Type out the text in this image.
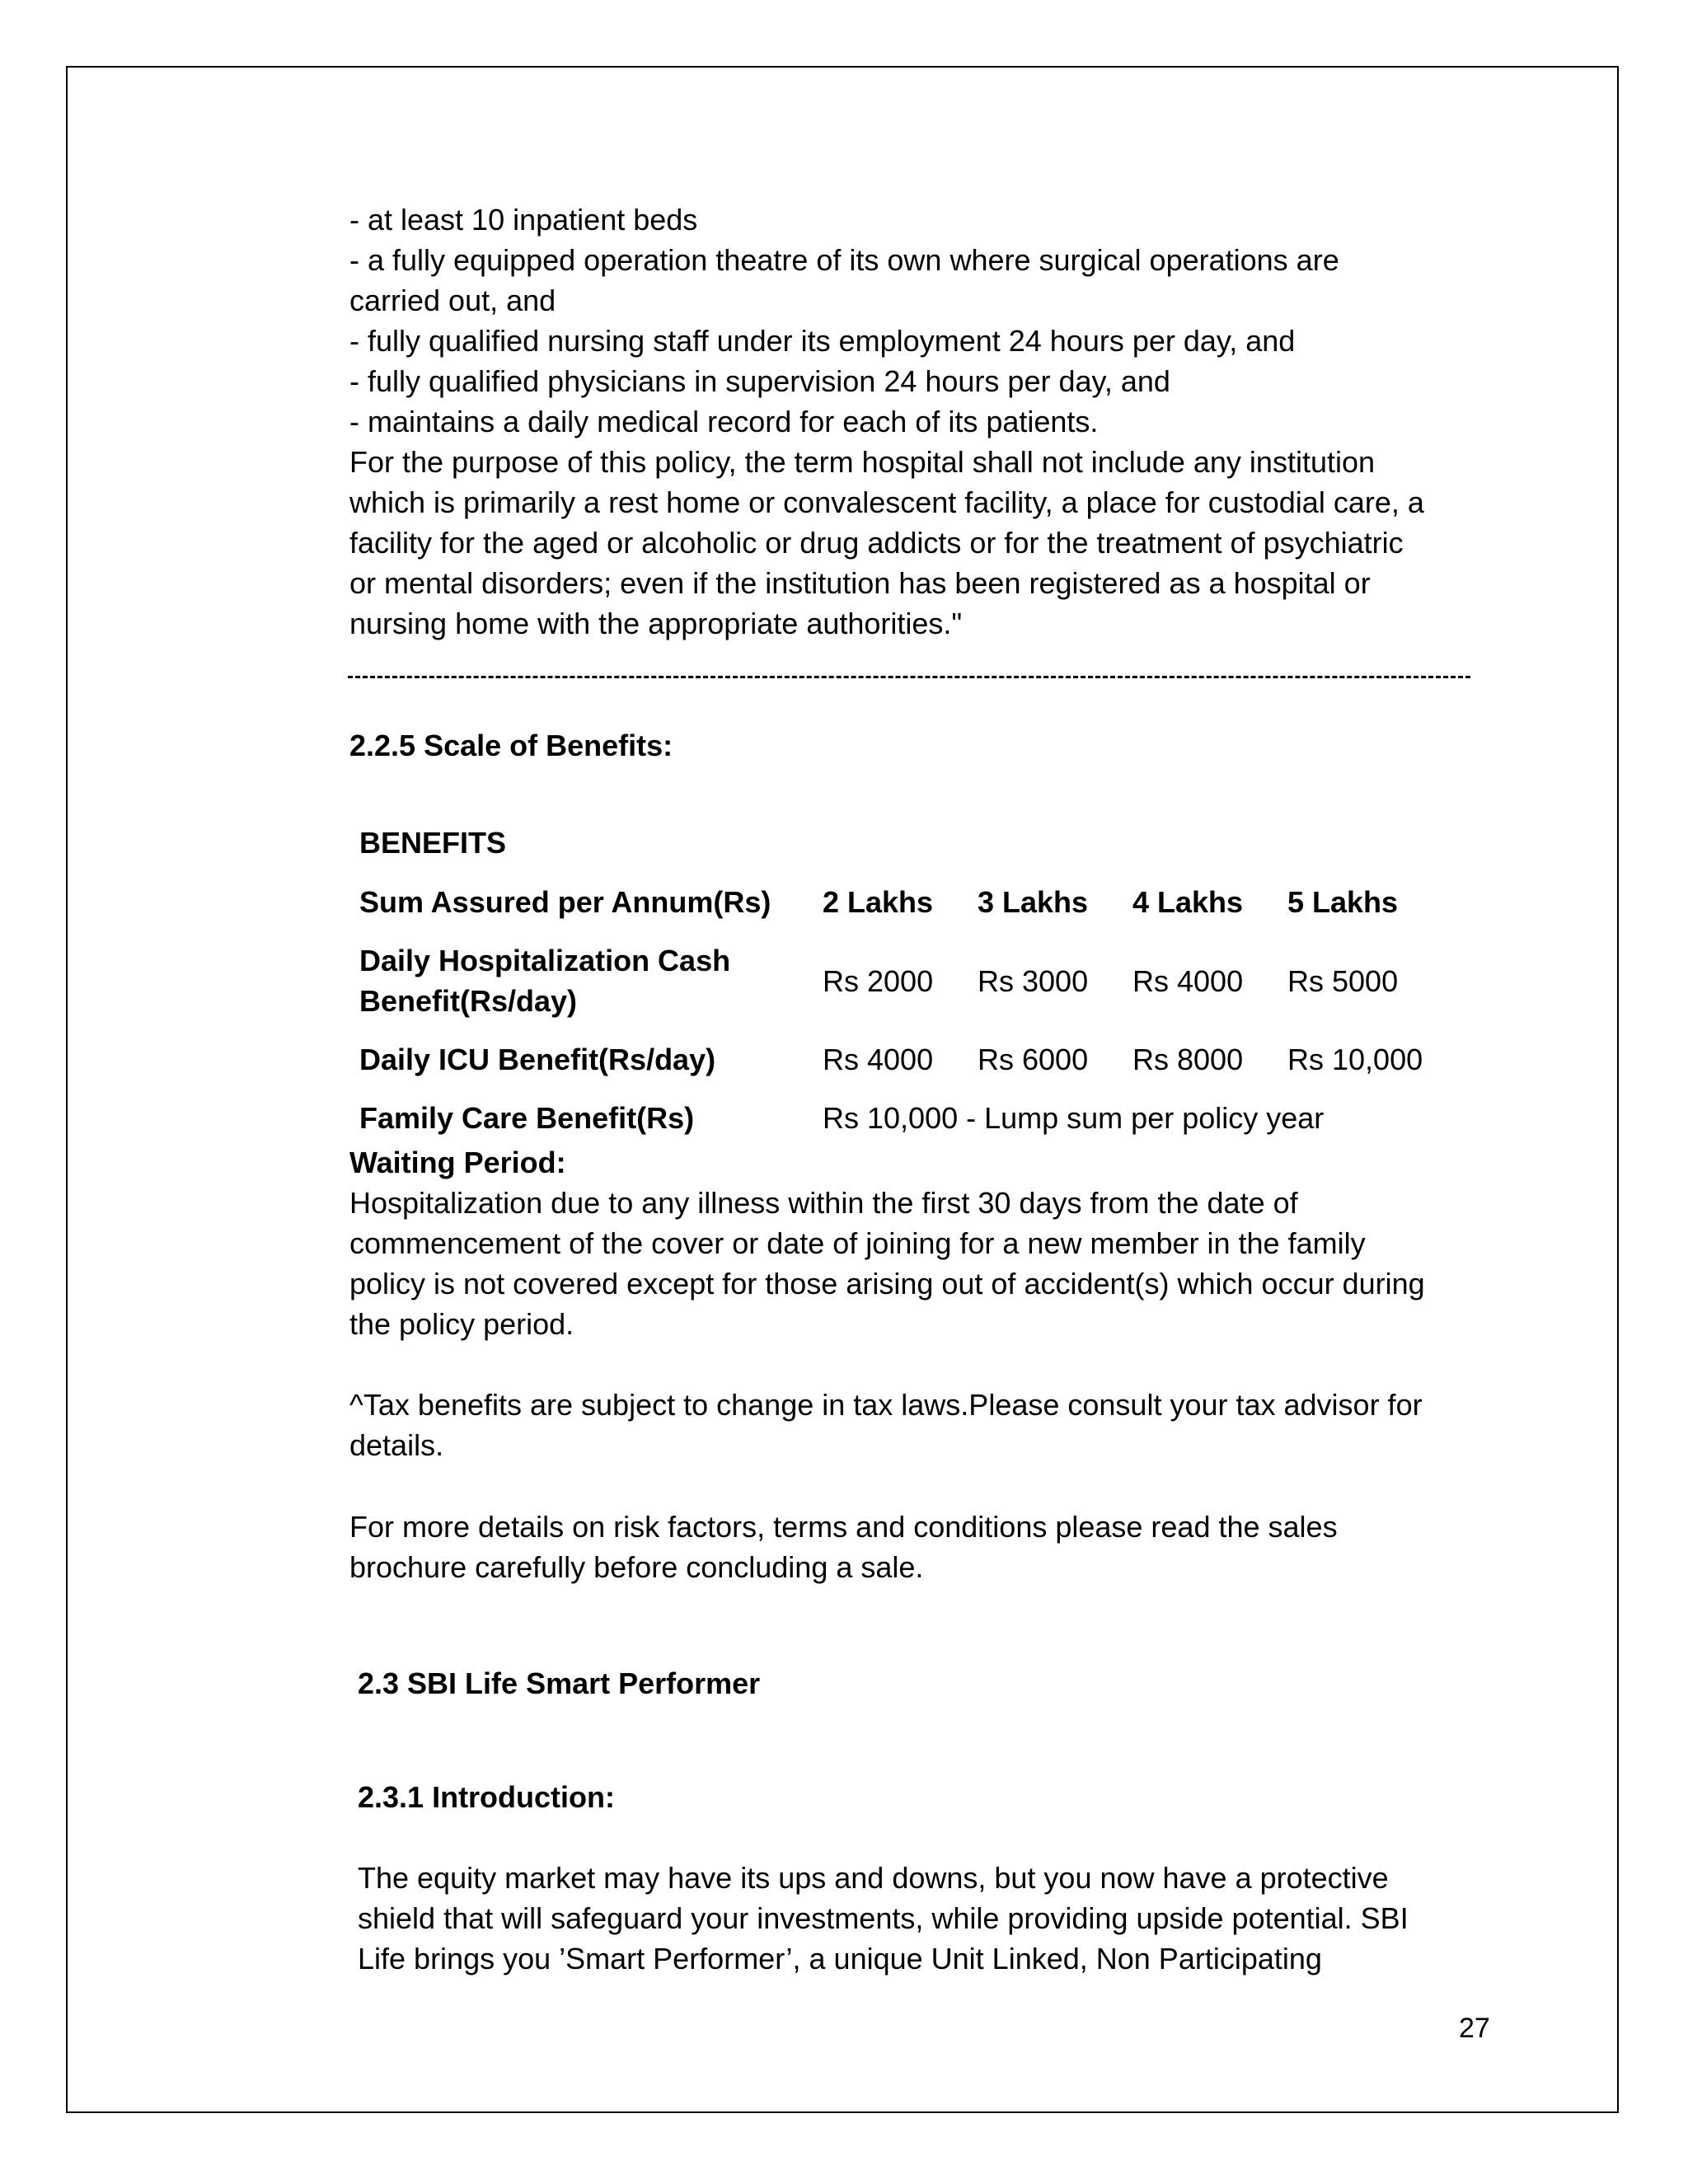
- at least 10 inpatient beds
- a fully equipped operation theatre of its own where surgical operations are
carried out, and
- fully qualified nursing staff under its employment 24 hours per day, and
- fully qualified physicians in supervision 24 hours per day, and
- maintains a daily medical record for each of its patients.
For the purpose of this policy, the term hospital shall not include any institution
which is primarily a rest home or convalescent facility, a place for custodial care, a
facility for the aged or alcoholic or drug addicts or for the treatment of psychiatric
or mental disorders; even if the institution has been registered as a hospital or
nursing home with the appropriate authorities."
2.2.5 Scale of Benefits:
BENEFITS				
Sum Assured per Annum(Rs)	2 Lakhs	3 Lakhs	4 Lakhs	5 Lakhs

Daily Hospitalization Cash
Benefit(Rs/day)	Rs 2000	Rs 3000	Rs 4000	Rs 5000
Daily ICU Benefit(Rs/day)	Rs 4000	Rs 6000	Rs 8000	Rs 10,000
Family Care Benefit(Rs)	Rs 10,000 - Lump sum per policy year			
Waiting Period:
Hospitalization due to any illness within the first 30 days from the date of
commencement of the cover or date of joining for a new member in the family
policy is not covered except for those arising out of accident(s) which occur during
the policy period.
^Tax benefits are subject to change in tax laws.Please consult your tax advisor for
details.
For more details on risk factors, terms and conditions please read the sales
brochure carefully before concluding a sale.
2.3 SBI Life Smart Performer
2.3.1 Introduction:
The equity market may have its ups and downs, but you now have a protective
shield that will safeguard your investments, while providing upside potential. SBI
Life brings you ’Smart Performer’, a unique Unit Linked, Non Participating
27
